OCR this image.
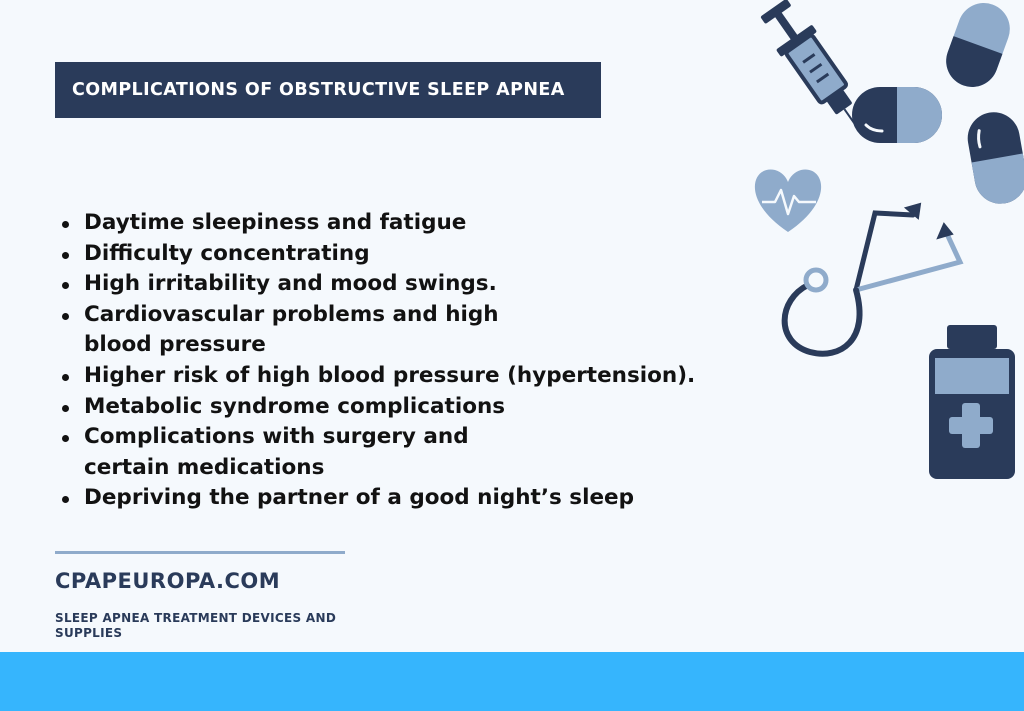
COMPLICATIONS OF OBSTRUCTIVE SLEEP APNEA
Daytime sleepiness and fatigue
Difficulty concentrating
High irritability and mood swings.
Cardiovascular problems and high blood pressure
Higher risk of high blood pressure (hypertension).
Metabolic syndrome complications
Complications with surgery and certain medications
Depriving the partner of a good night’s sleep
CPAPEUROPA.COM
SLEEP APNEA TREATMENT DEVICES AND SUPPLIES
